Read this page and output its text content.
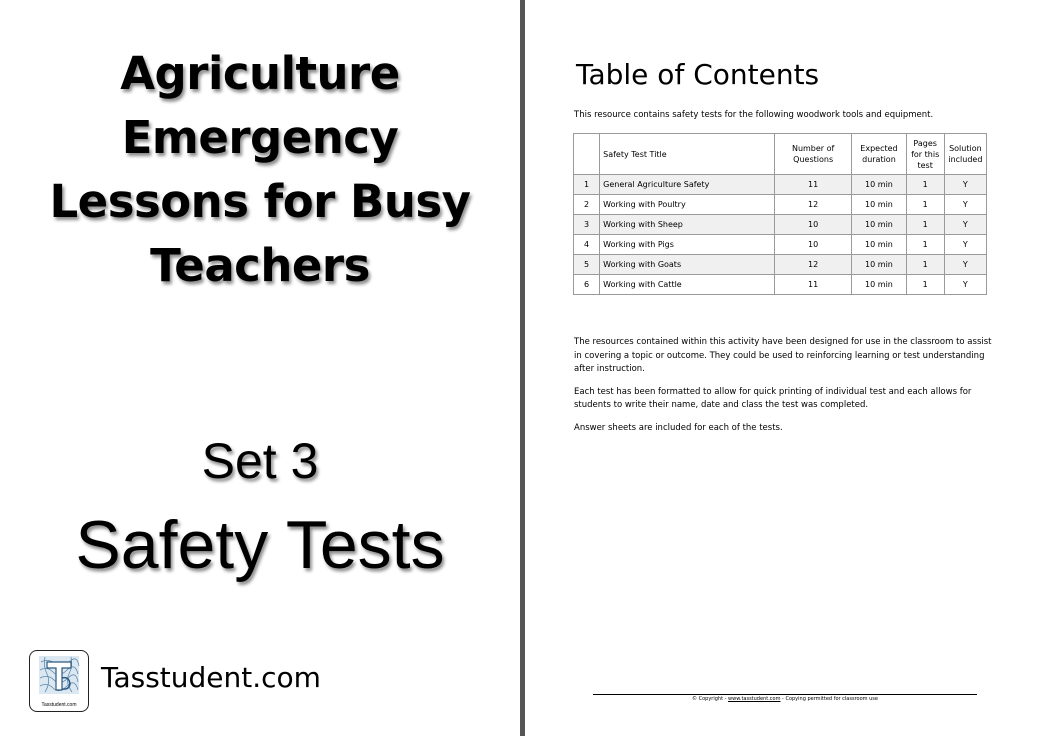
Agriculture
Emergency
Lessons for Busy
Teachers
Set 3
Safety Tests
Tasstudent.com
Tasstudent.com
Table of Contents
This resource contains safety tests for the following woodwork tools and equipment.
	Safety Test Title	Number of Questions	Expected duration	Pages for this test	Solution included
1	General Agriculture Safety	11	10 min	1	Y
2	Working with Poultry	12	10 min	1	Y
3	Working with Sheep	10	10 min	1	Y
4	Working with Pigs	10	10 min	1	Y
5	Working with Goats	12	10 min	1	Y
6	Working with Cattle	11	10 min	1	Y

The resources contained within this activity have been designed for use in the classroom to assist in covering a topic or outcome. They could be used to reinforcing learning or test understanding after instruction.

Each test has been formatted to allow for quick printing of individual test and each allows for students to write their name, date and class the test was completed.

Answer sheets are included for each of the tests.

© Copyright - www.tasstudent.com - Copying permitted for classroom use
